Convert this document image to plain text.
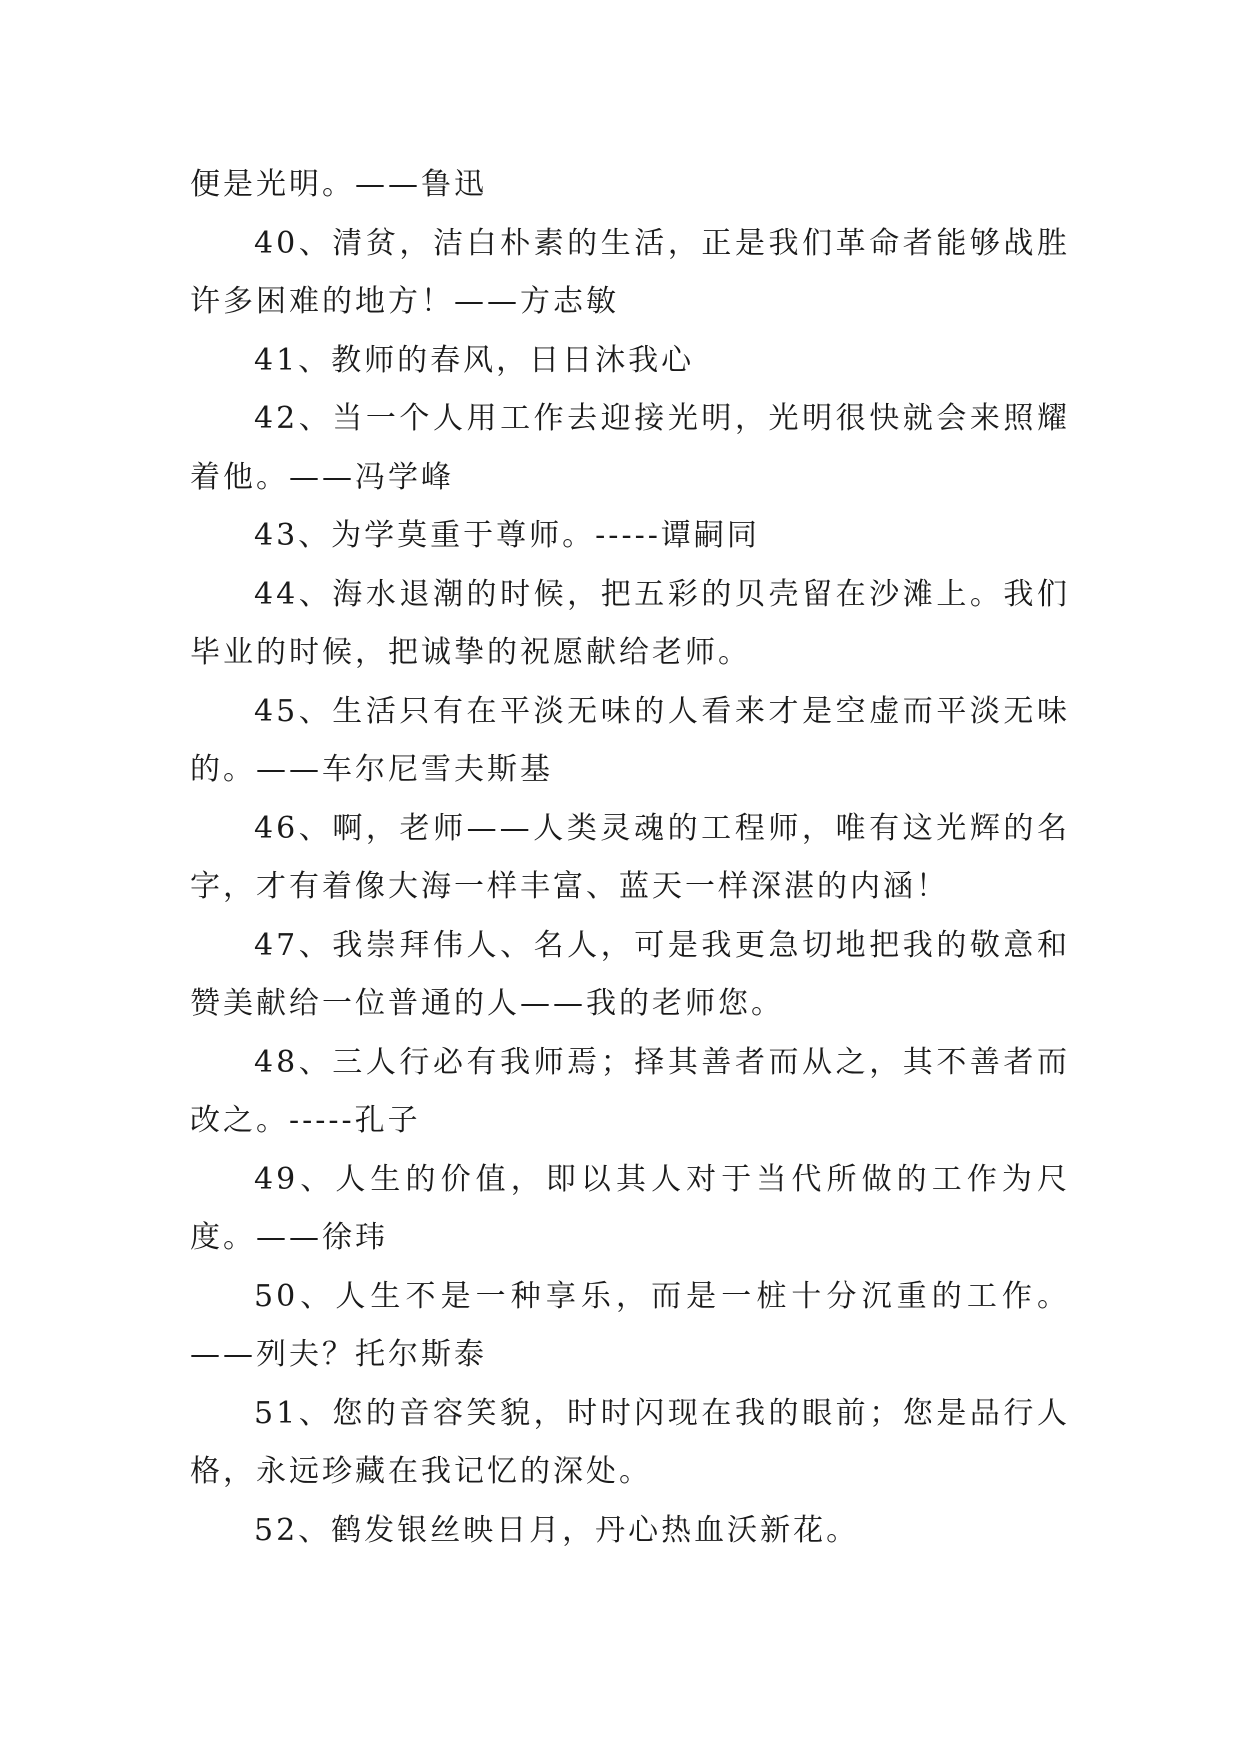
便是光明。——鲁迅

40、清贫，洁白朴素的生活，正是我们革命者能够战胜许多困难的地方！——方志敏

41、教师的春风，日日沐我心

42、当一个人用工作去迎接光明，光明很快就会来照耀着他。——冯学峰

43、为学莫重于尊师。-----谭嗣同

44、海水退潮的时候，把五彩的贝壳留在沙滩上。我们毕业的时候，把诚挚的祝愿献给老师。

45、生活只有在平淡无味的人看来才是空虚而平淡无味的。——车尔尼雪夫斯基

46、啊，老师——人类灵魂的工程师，唯有这光辉的名字，才有着像大海一样丰富、蓝天一样深湛的内涵！

47、我崇拜伟人、名人，可是我更急切地把我的敬意和赞美献给一位普通的人——我的老师您。

48、三人行必有我师焉；择其善者而从之，其不善者而改之。-----孔子

49、人生的价值，即以其人对于当代所做的工作为尺度。——徐玮

50、人生不是一种享乐，而是一桩十分沉重的工作。——列夫？托尔斯泰

51、您的音容笑貌，时时闪现在我的眼前；您是品行人格，永远珍藏在我记忆的深处。

52、鹤发银丝映日月，丹心热血沃新花。
